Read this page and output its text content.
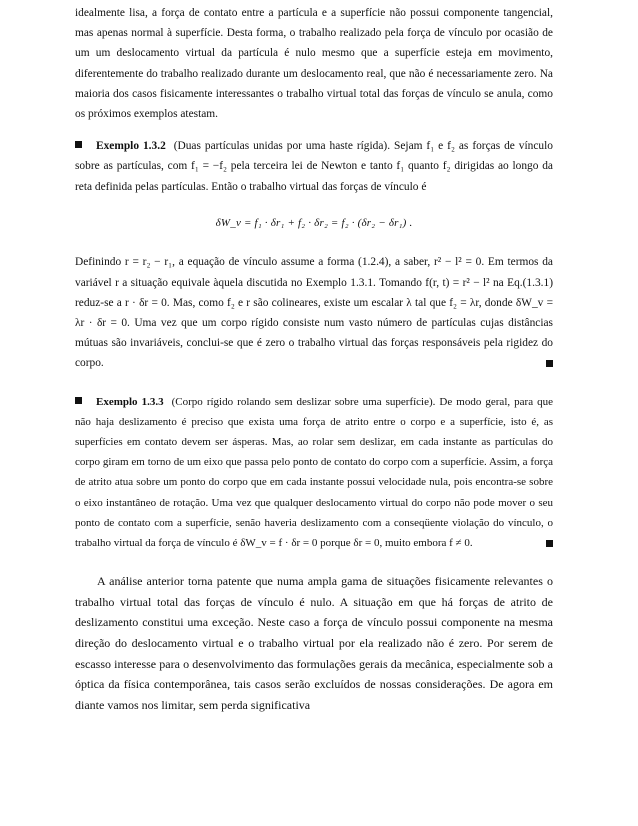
idealmente lisa, a força de contato entre a partícula e a superfície não possui componente tangencial, mas apenas normal à superfície. Desta forma, o trabalho realizado pela força de vínculo por ocasião de um um deslocamento virtual da partícula é nulo mesmo que a superfície esteja em movimento, diferentemente do trabalho realizado durante um deslocamento real, que não é necessariamente zero. Na maioria dos casos fisicamente interessantes o trabalho virtual total das forças de vínculo se anula, como os próximos exemplos atestam.

Exemplo 1.3.2 (Duas partículas unidas por uma haste rígida). Sejam f₁ e f₂ as forças de vínculo sobre as partículas, com f₁ = −f₂ pela terceira lei de Newton e tanto f₁ quanto f₂ dirigidas ao longo da reta definida pelas partículas. Então o trabalho virtual das forças de vínculo é

δW_v = f₁ · δr₁ + f₂ · δr₂ = f₂ · (δr₂ − δr₁) .

Definindo r = r₂ − r₁, a equação de vínculo assume a forma (1.2.4), a saber, r² − l² = 0. Em termos da variável r a situação equivale àquela discutida no Exemplo 1.3.1. Tomando f(r, t) = r² − l² na Eq.(1.3.1) reduz-se a r · δr = 0. Mas, como f₂ e r são colineares, existe um escalar λ tal que f₂ = λr, donde δW_v = λr · δr = 0. Uma vez que um corpo rígido consiste num vasto número de partículas cujas distâncias mútuas são invariáveis, conclui-se que é zero o trabalho virtual das forças responsáveis pela rigidez do corpo.

Exemplo 1.3.3 (Corpo rígido rolando sem deslizar sobre uma superfície). De modo geral, para que não haja deslizamento é preciso que exista uma força de atrito entre o corpo e a superfície, isto é, as superfícies em contato devem ser ásperas. Mas, ao rolar sem deslizar, em cada instante as partículas do corpo giram em torno de um eixo que passa pelo ponto de contato do corpo com a superfície. Assim, a força de atrito atua sobre um ponto do corpo que em cada instante possui velocidade nula, pois encontra-se sobre o eixo instantâneo de rotação. Uma vez que qualquer deslocamento virtual do corpo não pode mover o seu ponto de contato com a superfície, senão haveria deslizamento com a conseqüente violação do vínculo, o trabalho virtual da força de vínculo é δW_v = f · δr = 0 porque δr = 0, muito embora f ≠ 0.

A análise anterior torna patente que numa ampla gama de situações fisicamente relevantes o trabalho virtual total das forças de vínculo é nulo. A situação em que há forças de atrito de deslizamento constitui uma exceção. Neste caso a força de vínculo possui componente na mesma direção do deslocamento virtual e o trabalho virtual por ela realizado não é zero. Por serem de escasso interesse para o desenvolvimento das formulações gerais da mecânica, especialmente sob a óptica da física contemporânea, tais casos serão excluídos de nossas considerações. De agora em diante vamos nos limitar, sem perda significativa
